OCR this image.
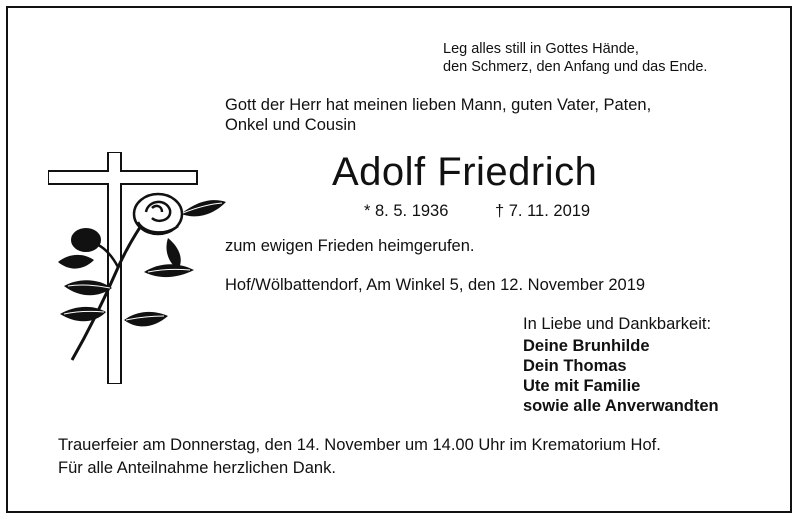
Leg alles still in Gottes Hände,
den Schmerz, den Anfang und das Ende.
Gott der Herr hat meinen lieben Mann, guten Vater, Paten,
Onkel und Cousin
Adolf Friedrich
* 8. 5. 1936	† 7. 11. 2019
zum ewigen Frieden heimgerufen.
Hof/Wölbattendorf, Am Winkel 5, den 12. November 2019
In Liebe und Dankbarkeit:
Deine Brunhilde
Dein Thomas
Ute mit Familie
sowie alle Anverwandten
Trauerfeier am Donnerstag, den 14. November um 14.00 Uhr im Krematorium Hof.
Für alle Anteilnahme herzlichen Dank.
